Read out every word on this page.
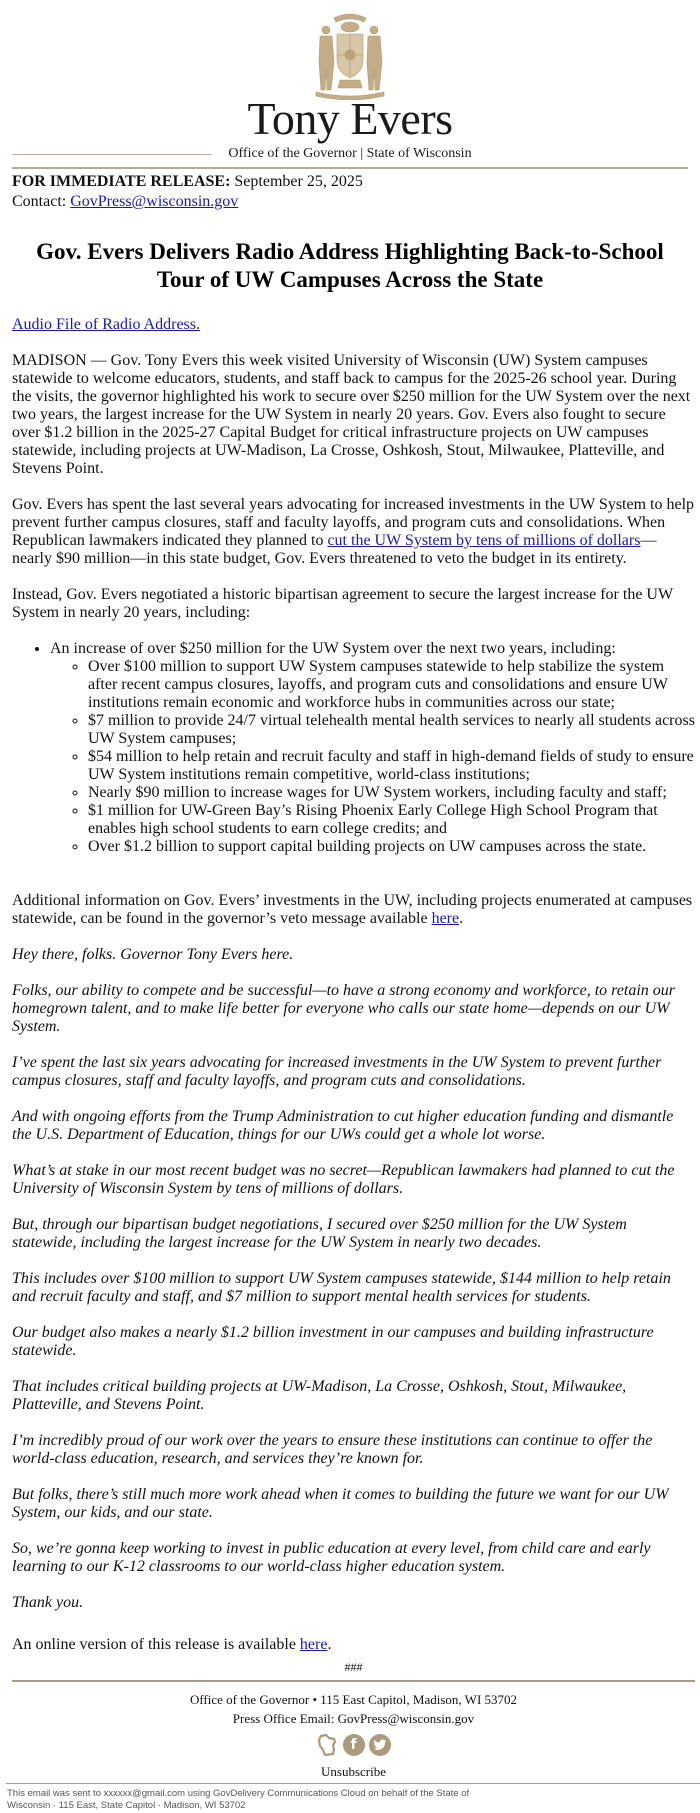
Tony Evers
Office of the Governor | State of Wisconsin
FOR IMMEDIATE RELEASE: September 25, 2025
Contact: GovPress@wisconsin.gov
Gov. Evers Delivers Radio Address Highlighting Back-to-School Tour of UW Campuses Across the State

Audio File of Radio Address.

MADISON — Gov. Tony Evers this week visited University of Wisconsin (UW) System campuses statewide to welcome educators, students, and staff back to campus for the 2025-26 school year. During the visits, the governor highlighted his work to secure over $250 million for the UW System over the next two years, the largest increase for the UW System in nearly 20 years. Gov. Evers also fought to secure over $1.2 billion in the 2025-27 Capital Budget for critical infrastructure projects on UW campuses statewide, including projects at UW-Madison, La Crosse, Oshkosh, Stout, Milwaukee, Platteville, and Stevens Point.

Gov. Evers has spent the last several years advocating for increased investments in the UW System to help prevent further campus closures, staff and faculty layoffs, and program cuts and consolidations. When Republican lawmakers indicated they planned to cut the UW System by tens of millions of dollars—nearly $90 million—in this state budget, Gov. Evers threatened to veto the budget in its entirety.

Instead, Gov. Evers negotiated a historic bipartisan agreement to secure the largest increase for the UW System in nearly 20 years, including:

• An increase of over $250 million for the UW System over the next two years, including:
◦ Over $100 million to support UW System campuses statewide to help stabilize the system after recent campus closures, layoffs, and program cuts and consolidations and ensure UW institutions remain economic and workforce hubs in communities across our state;
◦ $7 million to provide 24/7 virtual telehealth mental health services to nearly all students across UW System campuses;
◦ $54 million to help retain and recruit faculty and staff in high-demand fields of study to ensure UW System institutions remain competitive, world-class institutions;
◦ Nearly $90 million to increase wages for UW System workers, including faculty and staff;
◦ $1 million for UW-Green Bay’s Rising Phoenix Early College High School Program that enables high school students to earn college credits; and
◦ Over $1.2 billion to support capital building projects on UW campuses across the state.

Additional information on Gov. Evers’ investments in the UW, including projects enumerated at campuses statewide, can be found in the governor’s veto message available here.

Hey there, folks. Governor Tony Evers here.

Folks, our ability to compete and be successful—to have a strong economy and workforce, to retain our homegrown talent, and to make life better for everyone who calls our state home—depends on our UW System.

I’ve spent the last six years advocating for increased investments in the UW System to prevent further campus closures, staff and faculty layoffs, and program cuts and consolidations.

And with ongoing efforts from the Trump Administration to cut higher education funding and dismantle the U.S. Department of Education, things for our UWs could get a whole lot worse.

What’s at stake in our most recent budget was no secret—Republican lawmakers had planned to cut the University of Wisconsin System by tens of millions of dollars.

But, through our bipartisan budget negotiations, I secured over $250 million for the UW System statewide, including the largest increase for the UW System in nearly two decades.

This includes over $100 million to support UW System campuses statewide, $144 million to help retain and recruit faculty and staff, and $7 million to support mental health services for students.

Our budget also makes a nearly $1.2 billion investment in our campuses and building infrastructure statewide.

That includes critical building projects at UW-Madison, La Crosse, Oshkosh, Stout, Milwaukee, Platteville, and Stevens Point.

I’m incredibly proud of our work over the years to ensure these institutions can continue to offer the world-class education, research, and services they’re known for.

But folks, there’s still much more work ahead when it comes to building the future we want for our UW System, our kids, and our state.

So, we’re gonna keep working to invest in public education at every level, from child care and early learning to our K-12 classrooms to our world-class higher education system.

Thank you.

An online version of this release is available here.

###
Office of the Governor • 115 East Capitol, Madison, WI 53702
Press Office Email: GovPress@wisconsin.gov
f
Unsubscribe
This email was sent to xxxxxx@gmail.com using GovDelivery Communications Cloud on behalf of the State of Wisconsin · 115 East, State Capitol · Madison, WI 53702
